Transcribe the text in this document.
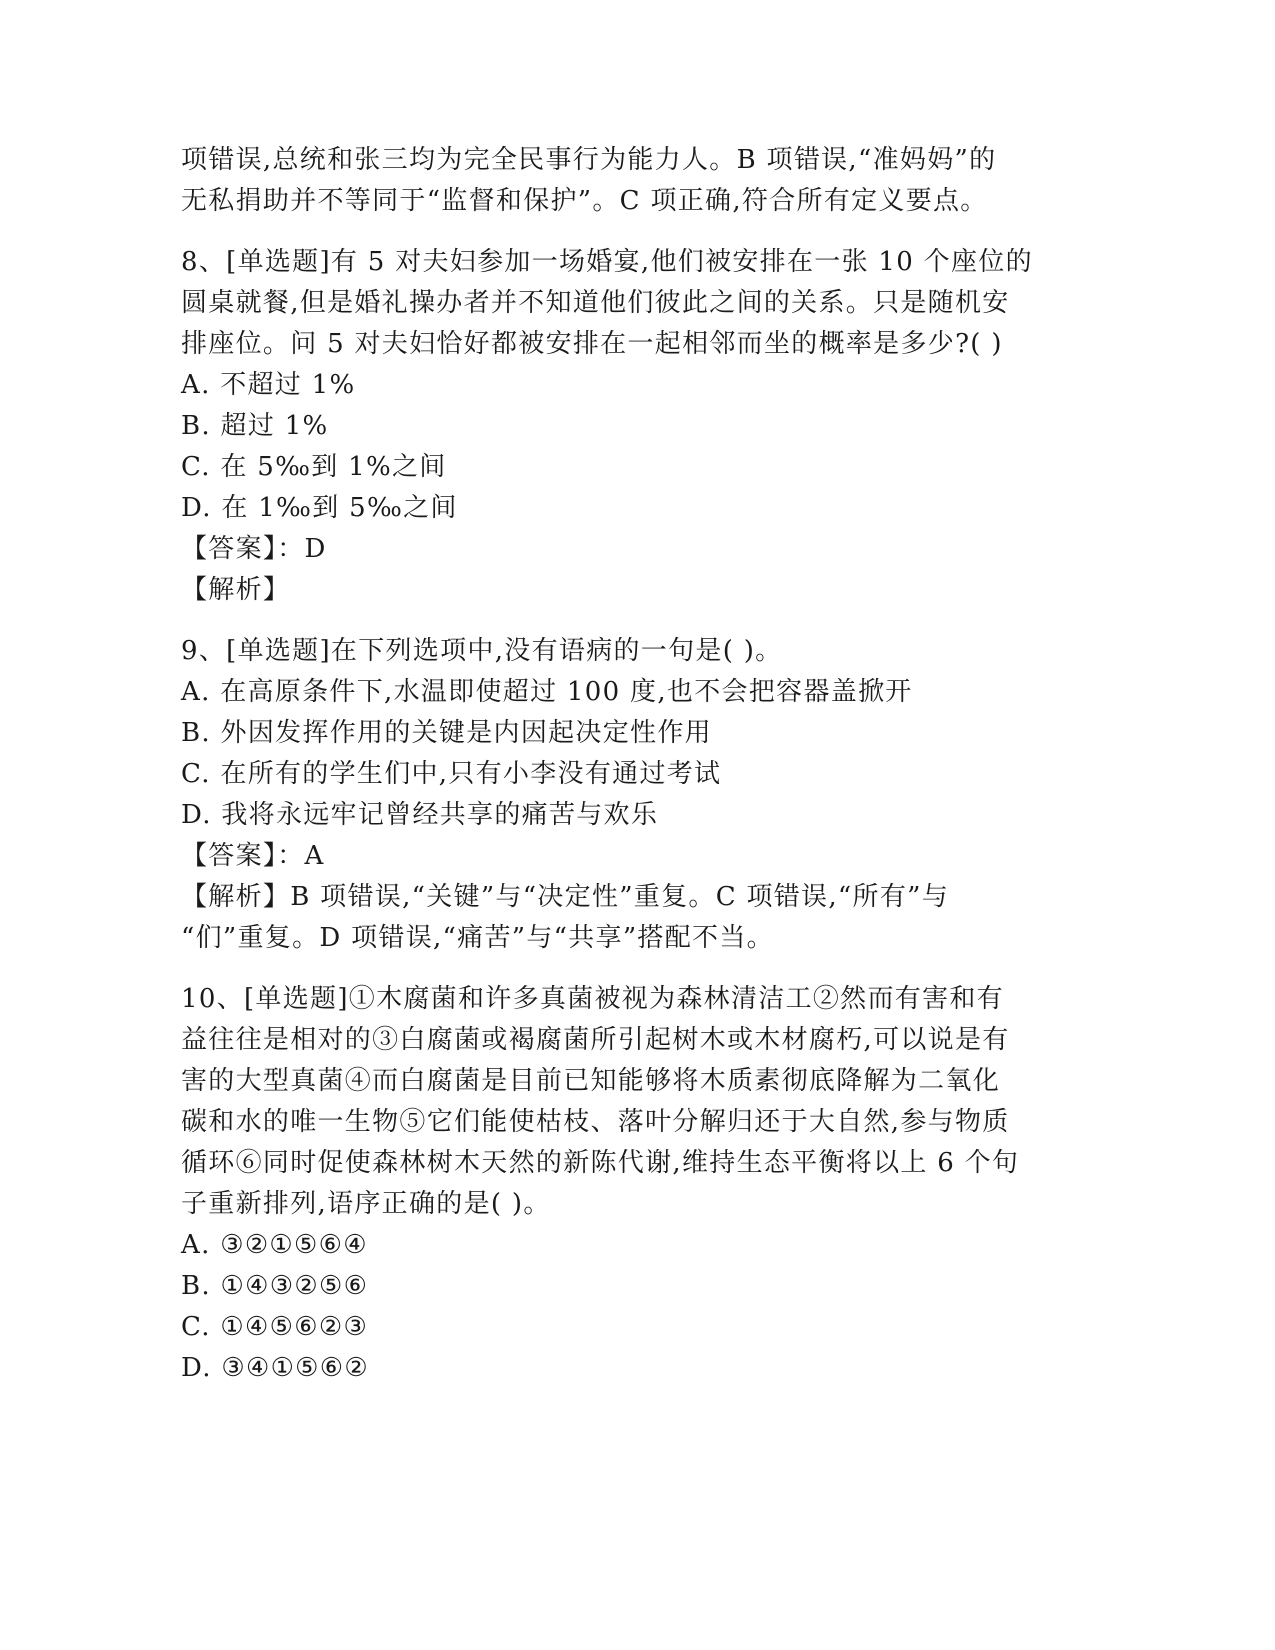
项错误,总统和张三均为完全民事行为能力人。B 项错误,“准妈妈”的
无私捐助并不等同于“监督和保护”。C 项正确,符合所有定义要点。
8、[单选题]有 5 对夫妇参加一场婚宴,他们被安排在一张 10 个座位的
圆桌就餐,但是婚礼操办者并不知道他们彼此之间的关系。只是随机安
排座位。问 5 对夫妇恰好都被安排在一起相邻而坐的概率是多少?( )
A. 不超过 1%
B. 超过 1%
C. 在 5‰到 1%之间
D. 在 1‰到 5‰之间
【答案】：D
【解析】
9、[单选题]在下列选项中,没有语病的一句是( )。
A. 在高原条件下,水温即使超过 100 度,也不会把容器盖掀开
B. 外因发挥作用的关键是内因起决定性作用
C. 在所有的学生们中,只有小李没有通过考试
D. 我将永远牢记曾经共享的痛苦与欢乐
【答案】：A
【解析】B 项错误,“关键”与“决定性”重复。C 项错误,“所有”与
“们”重复。D 项错误,“痛苦”与“共享”搭配不当。
10、[单选题]①木腐菌和许多真菌被视为森林清洁工②然而有害和有
益往往是相对的③白腐菌或褐腐菌所引起树木或木材腐朽,可以说是有
害的大型真菌④而白腐菌是目前已知能够将木质素彻底降解为二氧化
碳和水的唯一生物⑤它们能使枯枝、落叶分解归还于大自然,参与物质
循环⑥同时促使森林树木天然的新陈代谢,维持生态平衡将以上 6 个句
子重新排列,语序正确的是( )。
A. ③②①⑤⑥④
B. ①④③②⑤⑥
C. ①④⑤⑥②③
D. ③④①⑤⑥②
